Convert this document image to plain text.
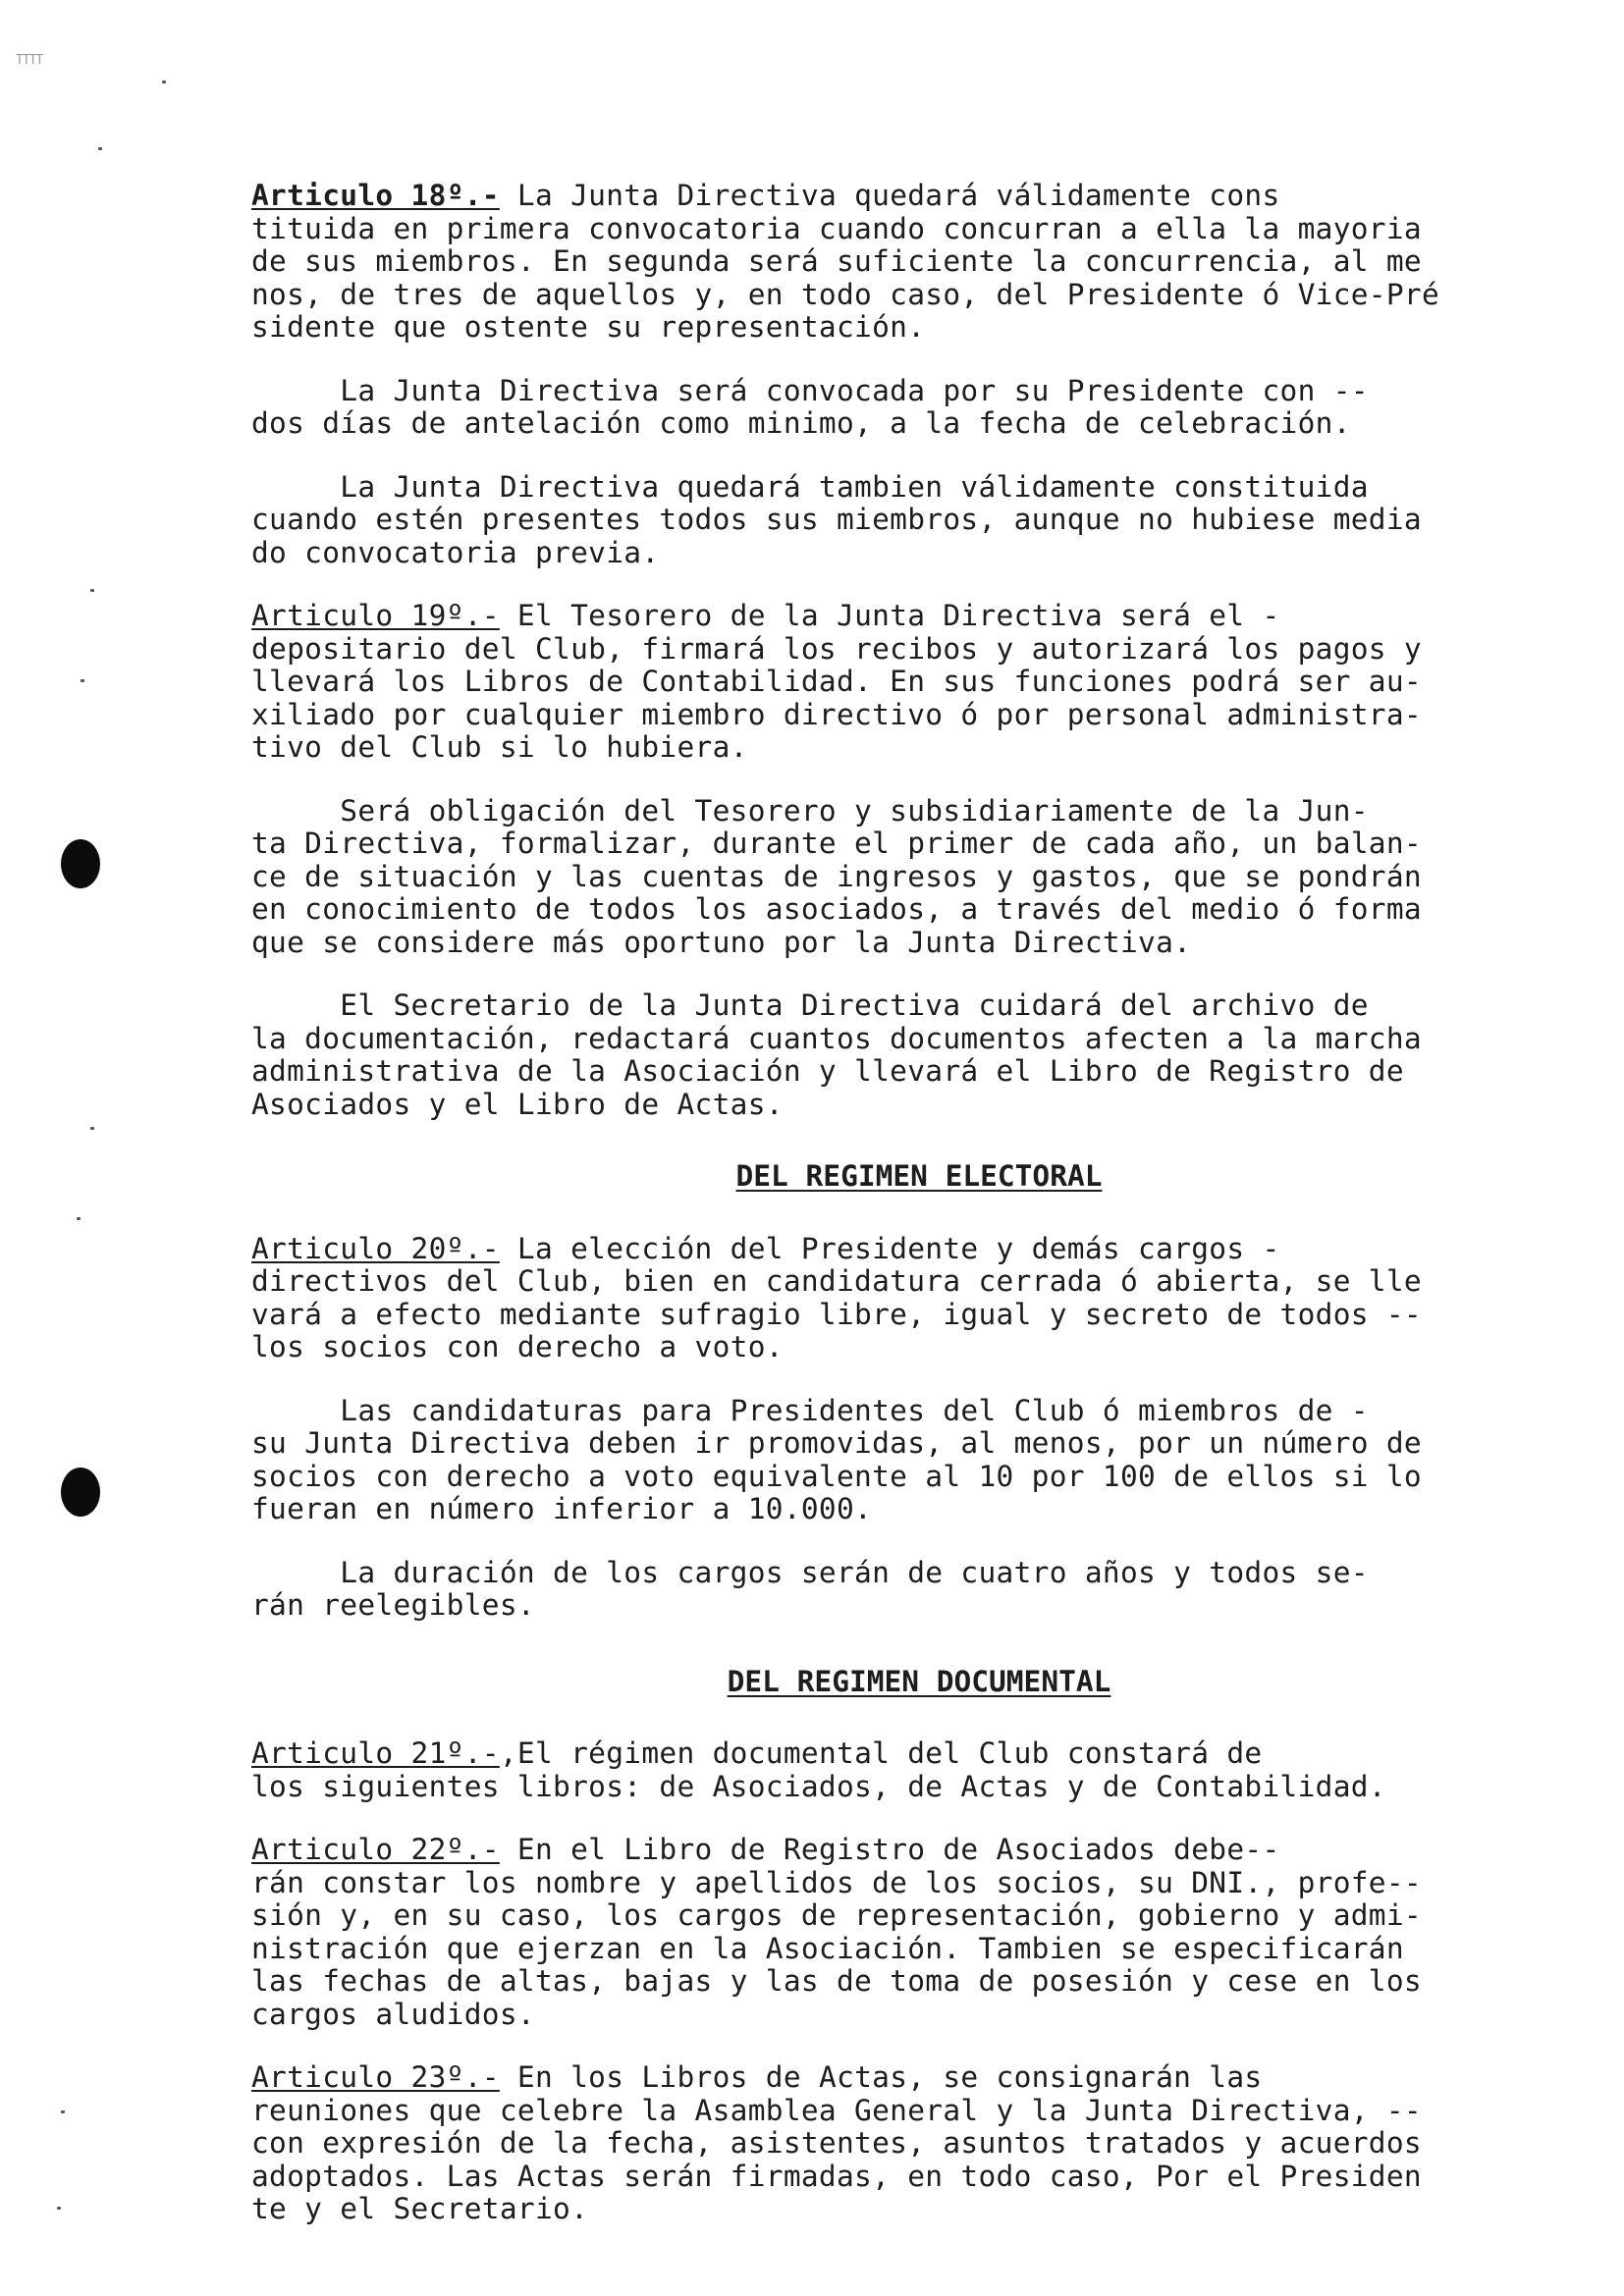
TTTT
Articulo 18º.- La Junta Directiva quedará válidamente cons
tituida en primera convocatoria cuando concurran a ella la mayoria
de sus miembros. En segunda será suficiente la concurrencia, al me
nos, de tres de aquellos y, en todo caso, del Presidente ó Vice-Pré
sidente que ostente su representación.
La Junta Directiva será convocada por su Presidente con --
dos días de antelación como minimo, a la fecha de celebración.
La Junta Directiva quedará tambien válidamente constituida
cuando estén presentes todos sus miembros, aunque no hubiese media
do convocatoria previa.
Articulo 19º.- El Tesorero de la Junta Directiva será el -
depositario del Club, firmará los recibos y autorizará los pagos y
llevará los Libros de Contabilidad. En sus funciones podrá ser au-
xiliado por cualquier miembro directivo ó por personal administra-
tivo del Club si lo hubiera.
Será obligación del Tesorero y subsidiariamente de la Jun-
ta Directiva, formalizar, durante el primer de cada año, un balan-
ce de situación y las cuentas de ingresos y gastos, que se pondrán
en conocimiento de todos los asociados, a través del medio ó forma
que se considere más oportuno por la Junta Directiva.
El Secretario de la Junta Directiva cuidará del archivo de
la documentación, redactará cuantos documentos afecten a la marcha
administrativa de la Asociación y llevará el Libro de Registro de
Asociados y el Libro de Actas.
DEL REGIMEN ELECTORAL
Articulo 20º.- La elección del Presidente y demás cargos -
directivos del Club, bien en candidatura cerrada ó abierta, se lle
vará a efecto mediante sufragio libre, igual y secreto de todos --
los socios con derecho a voto.
Las candidaturas para Presidentes del Club ó miembros de -
su Junta Directiva deben ir promovidas, al menos, por un número de
socios con derecho a voto equivalente al 10 por 100 de ellos si lo
fueran en número inferior a 10.000.
La duración de los cargos serán de cuatro años y todos se-
rán reelegibles.
DEL REGIMEN DOCUMENTAL
Articulo 21º.-,El régimen documental del Club constará de
los siguientes libros: de Asociados, de Actas y de Contabilidad.
Articulo 22º.- En el Libro de Registro de Asociados debe--
rán constar los nombre y apellidos de los socios, su DNI., profe--
sión y, en su caso, los cargos de representación, gobierno y admi-
nistración que ejerzan en la Asociación. Tambien se especificarán
las fechas de altas, bajas y las de toma de posesión y cese en los
cargos aludidos.
Articulo 23º.- En los Libros de Actas, se consignarán las
reuniones que celebre la Asamblea General y la Junta Directiva, --
con expresión de la fecha, asistentes, asuntos tratados y acuerdos
adoptados. Las Actas serán firmadas, en todo caso, Por el Presiden
te y el Secretario.
